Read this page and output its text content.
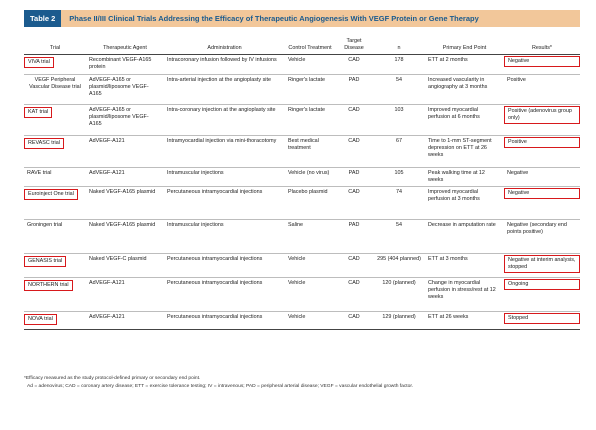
Table 2	Phase II/III Clinical Trials Addressing the Efficacy of Therapeutic Angiogenesis With VEGF Protein or Gene Therapy
Trial	Therapeutic Agent	Administration	Control Treatment	Target Disease	n	Primary End Point	Results*
VIVA trial	Recombinant VEGF-A165 protein	Intracoronary infusion followed by IV infusions	Vehicle	CAD	178	ETT at 2 months	Negative

VEGF Peripheral Vascular Disease trial	AdVEGF-A165 or plasmid/liposome VEGF-A165	Intra-arterial injection at the angioplasty site	Ringer's lactate	PAD	54	Increased vascularity in angiography at 3 months	Positive
KAT trial	AdVEGF-A165 or plasmid/liposome VEGF-A165	Intra-coronary injection at the angioplasty site	Ringer's lactate	CAD	103	Improved myocardial perfusion at 6 months	Positive (adenovirus group only)

REVASC trial	AdVEGF-A121	Intramyocardial injection via mini-thoracotomy	Best medical treatment	CAD	67	Time to 1-mm ST-segment depression on ETT at 26 weeks	Positive

RAVE trial	AdVEGF-A121	Intramuscular injections	Vehicle (no virus)	PAD	105	Peak walking time at 12 weeks	Negative
Euroinject One trial	Naked VEGF-A165 plasmid	Percutaneous intramyocardial injections	Placebo plasmid	CAD	74	Improved myocardial perfusion at 3 months	Negative

Groningen trial	Naked VEGF-A165 plasmid	Intramuscular injections	Saline	PAD	54	Decrease in amputation rate	Negative (secondary end points positive)
GENASIS trial	Naked VEGF-C plasmid	Percutaneous intramyocardial injections	Vehicle	CAD	295 (404 planned)	ETT at 3 months	Negative at interim analysis, stopped

NORTHERN trial	AdVEGF-A121	Percutaneous intramyocardial injections	Vehicle	CAD	120 (planned)	Change in myocardial perfusion in stress/rest at 12 weeks	Ongoing

NOVA trial	AdVEGF-A121	Percutaneous intramyocardial injections	Vehicle	CAD	129 (planned)	ETT at 26 weeks	Stopped
*Efficacy measured as the study protocol-defined primary or secondary end point.
Ad = adenovirus; CAD = coronary artery disease; ETT = exercise tolerance testing; IV = intravenous; PAD = peripheral arterial disease; VEGF = vascular endothelial growth factor.
